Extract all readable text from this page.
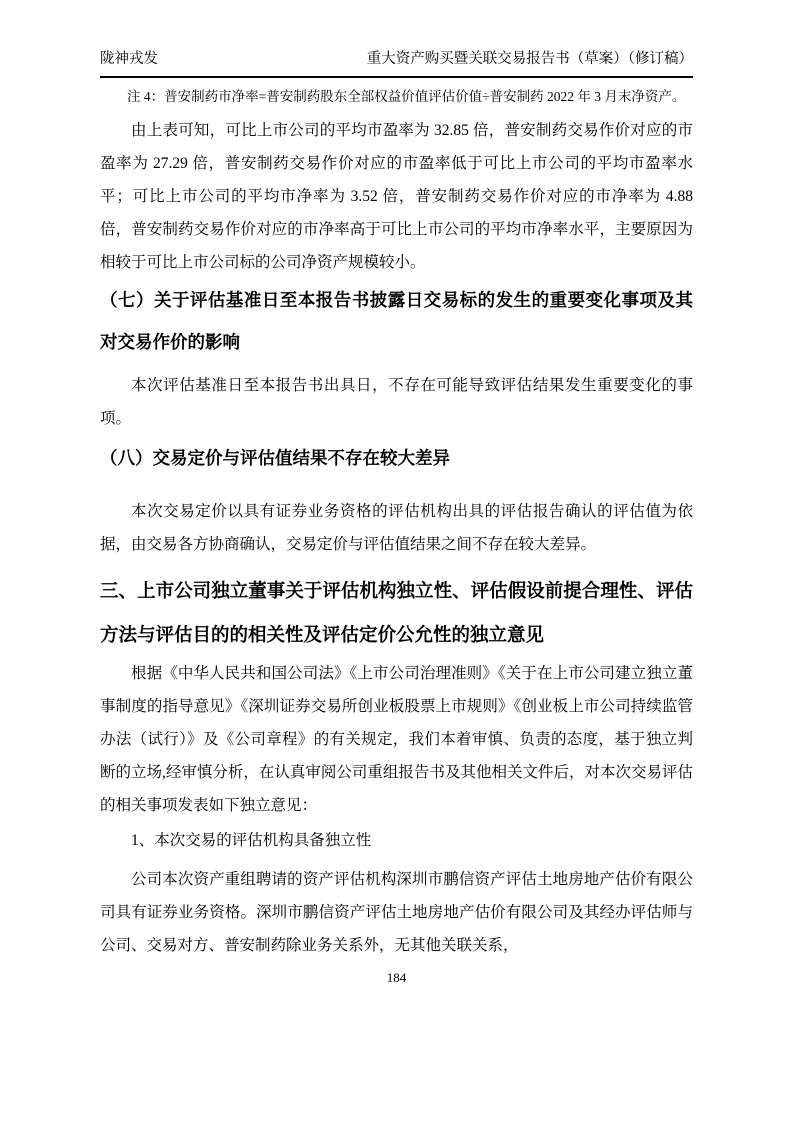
陇神戎发	重大资产购买暨关联交易报告书（草案）（修订稿）
注 4：普安制药市净率=普安制药股东全部权益价值评估价值÷普安制药 2022 年 3 月末净资产。
由上表可知，可比上市公司的平均市盈率为 32.85 倍，普安制药交易作价对应的市盈率为 27.29 倍，普安制药交易作价对应的市盈率低于可比上市公司的平均市盈率水平；可比上市公司的平均市净率为 3.52 倍，普安制药交易作价对应的市净率为 4.88 倍，普安制药交易作价对应的市净率高于可比上市公司的平均市净率水平，主要原因为相较于可比上市公司标的公司净资产规模较小。
（七）关于评估基准日至本报告书披露日交易标的发生的重要变化事项及其对交易作价的影响
本次评估基准日至本报告书出具日，不存在可能导致评估结果发生重要变化的事项。
（八）交易定价与评估值结果不存在较大差异
本次交易定价以具有证券业务资格的评估机构出具的评估报告确认的评估值为依据，由交易各方协商确认，交易定价与评估值结果之间不存在较大差异。
三、上市公司独立董事关于评估机构独立性、评估假设前提合理性、评估方法与评估目的的相关性及评估定价公允性的独立意见
根据《中华人民共和国公司法》《上市公司治理准则》《关于在上市公司建立独立董事制度的指导意见》《深圳证券交易所创业板股票上市规则》《创业板上市公司持续监管办法（试行）》及《公司章程》的有关规定，我们本着审慎、负责的态度，基于独立判断的立场,经审慎分析，在认真审阅公司重组报告书及其他相关文件后，对本次交易评估的相关事项发表如下独立意见：
1、本次交易的评估机构具备独立性
公司本次资产重组聘请的资产评估机构深圳市鹏信资产评估土地房地产估价有限公司具有证券业务资格。深圳市鹏信资产评估土地房地产估价有限公司及其经办评估师与公司、交易对方、普安制药除业务关系外，无其他关联关系，
184
